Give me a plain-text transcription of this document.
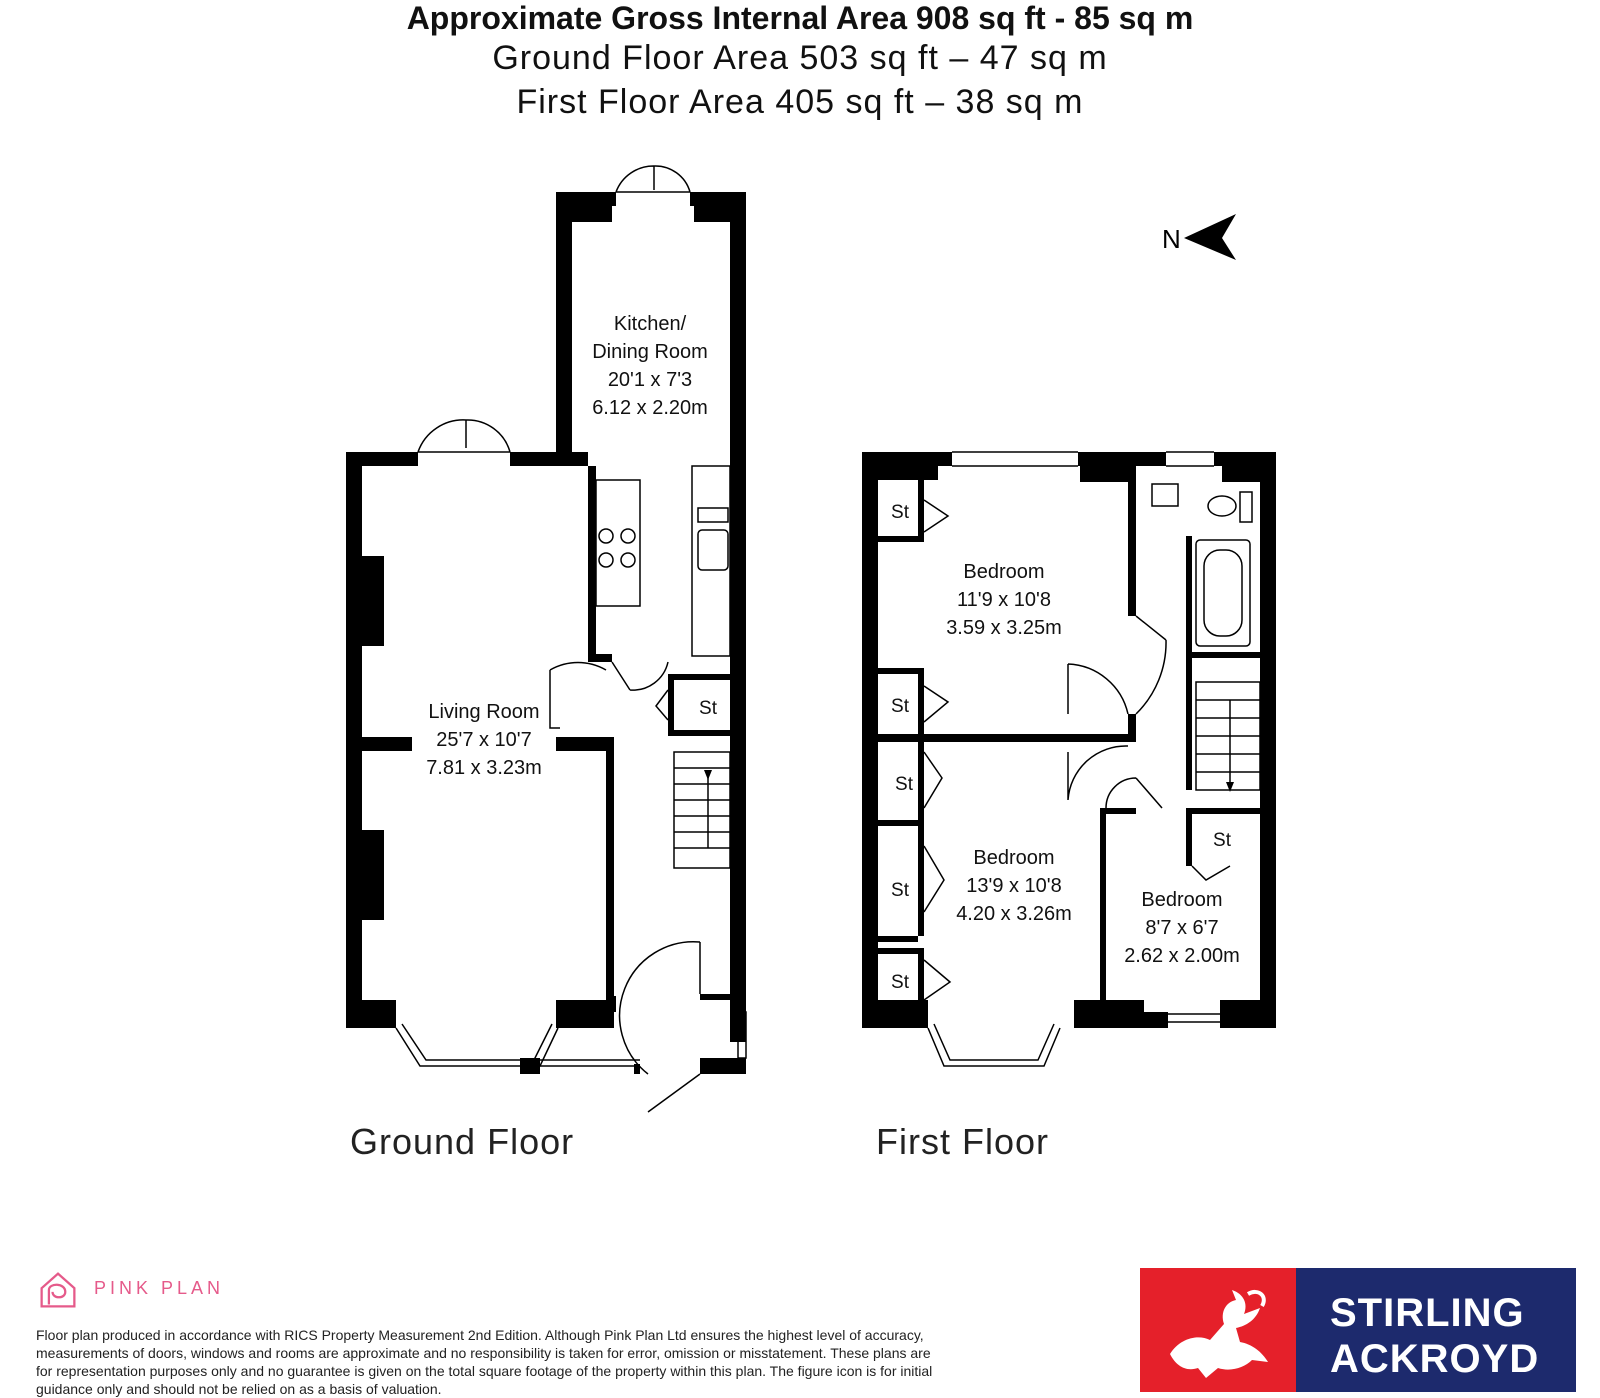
Approximate Gross Internal Area 908 sq ft - 85 sq m
Ground Floor Area 503 sq ft – 47 sq m
First Floor Area 405 sq ft – 38 sq m
Kitchen/
Dining Room
20'1 x 7'3
6.12 x 2.20m
Living Room
25'7 x 10'7
7.81 x 3.23m
St
Bedroom
11'9 x 10'8
3.59 x 3.25m
Bedroom
13'9 x 10'8
4.20 x 3.26m
Bedroom
8'7 x 6'7
2.62 x 2.00m
St
St
St
St
St
St
N
Ground Floor	First Floor
PINK PLAN
Floor plan produced in accordance with RICS Property Measurement 2nd Edition. Although Pink Plan Ltd ensures the highest level of accuracy, measurements of doors, windows and rooms are approximate and no responsibility is taken for error, omission or misstatement. These plans are for representation purposes only and no guarantee is given on the total square footage of the property within this plan. The figure icon is for initial guidance only and should not be relied on as a basis of valuation.
STIRLING
ACKROYD
